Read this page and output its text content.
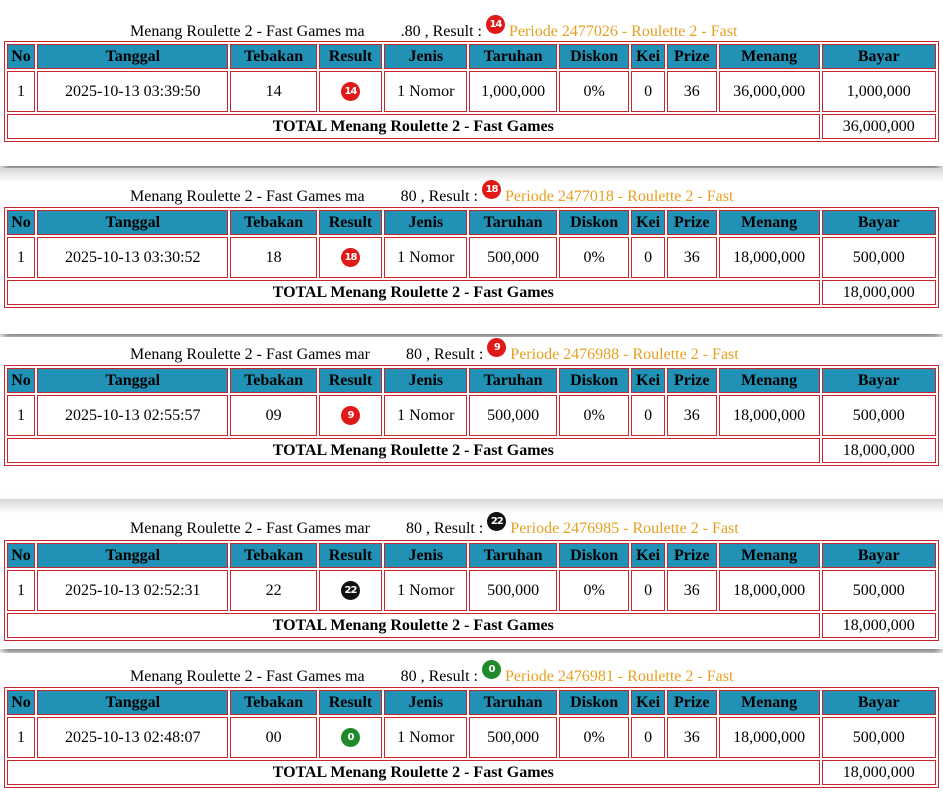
Menang Roulette 2 - Fast Games ma .80 , Result : 14 Periode 2477026 - Roulette 2 - Fast
No	Tanggal	Tebakan	Result	Jenis	Taruhan	Diskon	Kei	Prize	Menang	Bayar
1	2025-10-13 03:39:50	14	14	1 Nomor	1,000,000	0%	0	36	36,000,000	1,000,000
TOTAL Menang Roulette 2 - Fast Games										36,000,000
Menang Roulette 2 - Fast Games ma 80 , Result : 18 Periode 2477018 - Roulette 2 - Fast
No	Tanggal	Tebakan	Result	Jenis	Taruhan	Diskon	Kei	Prize	Menang	Bayar
1	2025-10-13 03:30:52	18	18	1 Nomor	500,000	0%	0	36	18,000,000	500,000
TOTAL Menang Roulette 2 - Fast Games										18,000,000
Menang Roulette 2 - Fast Games mar 80 , Result : 9 Periode 2476988 - Roulette 2 - Fast
No	Tanggal	Tebakan	Result	Jenis	Taruhan	Diskon	Kei	Prize	Menang	Bayar
1	2025-10-13 02:55:57	09	9	1 Nomor	500,000	0%	0	36	18,000,000	500,000
TOTAL Menang Roulette 2 - Fast Games										18,000,000
Menang Roulette 2 - Fast Games mar 80 , Result : 22 Periode 2476985 - Roulette 2 - Fast
No	Tanggal	Tebakan	Result	Jenis	Taruhan	Diskon	Kei	Prize	Menang	Bayar
1	2025-10-13 02:52:31	22	22	1 Nomor	500,000	0%	0	36	18,000,000	500,000
TOTAL Menang Roulette 2 - Fast Games										18,000,000
Menang Roulette 2 - Fast Games ma 80 , Result : 0 Periode 2476981 - Roulette 2 - Fast
No	Tanggal	Tebakan	Result	Jenis	Taruhan	Diskon	Kei	Prize	Menang	Bayar
1	2025-10-13 02:48:07	00	0	1 Nomor	500,000	0%	0	36	18,000,000	500,000
TOTAL Menang Roulette 2 - Fast Games										18,000,000
